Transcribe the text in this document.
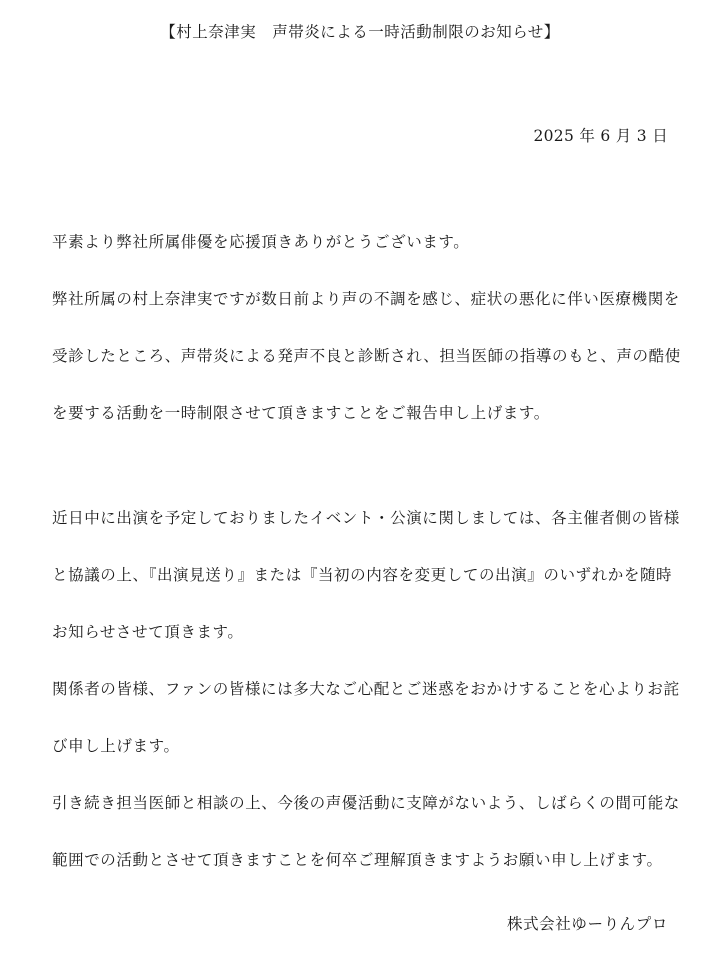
【村上奈津実　声帯炎による一時活動制限のお知らせ】
2025 年 6 月 3 日

平素より弊社所属俳優を応援頂きありがとうございます。

弊社所属の村上奈津実ですが数日前より声の不調を感じ、症状の悪化に伴い医療機関を
受診したところ、声帯炎による発声不良と診断され、担当医師の指導のもと、声の酷使
を要する活動を一時制限させて頂きますことをご報告申し上げます。

近日中に出演を予定しておりましたイベント・公演に関しましては、各主催者側の皆様
と協議の上、『出演見送り』または『当初の内容を変更しての出演』のいずれかを随時
お知らせさせて頂きます。

関係者の皆様、ファンの皆様には多大なご心配とご迷惑をおかけすることを心よりお詫
び申し上げます。

引き続き担当医師と相談の上、今後の声優活動に支障がないよう、しばらくの間可能な
範囲での活動とさせて頂きますことを何卒ご理解頂きますようお願い申し上げます。

株式会社ゆーりんプロ
